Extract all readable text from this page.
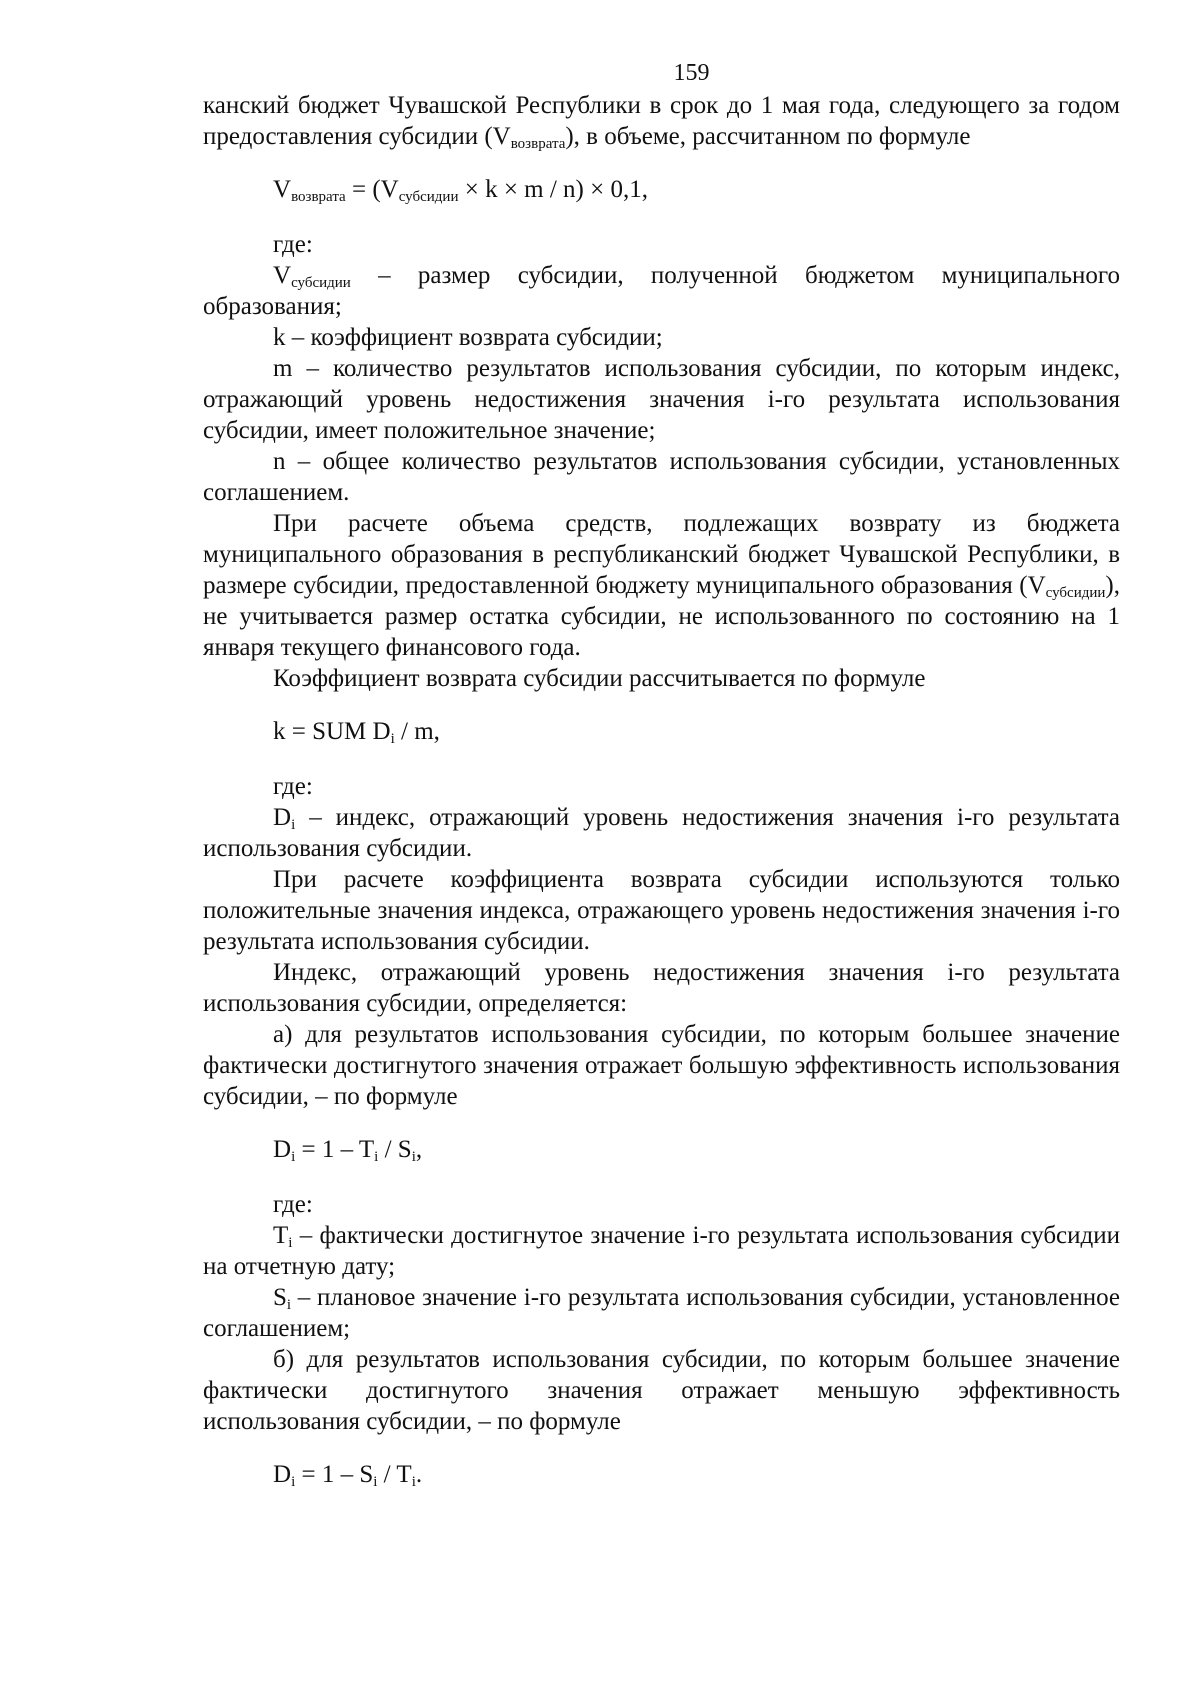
159

канский бюджет Чувашской Республики в срок до 1 мая года, следующего за годом предоставления субсидии $(V_{возврата})$, в объеме, рассчитанном по формуле

$V_{возврата} = (V_{субсидии} \times k \times m / n) \times 0,1$,

где:

$V_{субсидии}$ – размер субсидии, полученной бюджетом муниципального образования;

k – коэффициент возврата субсидии;

m – количество результатов использования субсидии, по которым индекс, отражающий уровень недостижения значения i-го результата использования субсидии, имеет положительное значение;

n – общее количество результатов использования субсидии, установленных соглашением.

При расчете объема средств, подлежащих возврату из бюджета муниципального образования в республиканский бюджет Чувашской Республики, в размере субсидии, предоставленной бюджету муниципального образования $(V_{субсидии})$, не учитывается размер остатка субсидии, не использованного по состоянию на 1 января текущего финансового года.

Коэффициент возврата субсидии рассчитывается по формуле

k = SUM $D_i$ / m,

где:

$D_i$ – индекс, отражающий уровень недостижения значения i-го результата использования субсидии.

При расчете коэффициента возврата субсидии используются только положительные значения индекса, отражающего уровень недостижения значения i-го результата использования субсидии.

Индекс, отражающий уровень недостижения значения i-го результата использования субсидии, определяется:

а) для результатов использования субсидии, по которым большее значение фактически достигнутого значения отражает большую эффективность использования субсидии, – по формуле

$D_i = 1 - T_i / S_i$,

где:

$T_i$ – фактически достигнутое значение i-го результата использования субсидии на отчетную дату;

$S_i$ – плановое значение i-го результата использования субсидии, установленное соглашением;

б) для результатов использования субсидии, по которым большее значение фактически достигнутого значения отражает меньшую эффективность использования субсидии, – по формуле

$D_i = 1 - S_i / T_i$.
